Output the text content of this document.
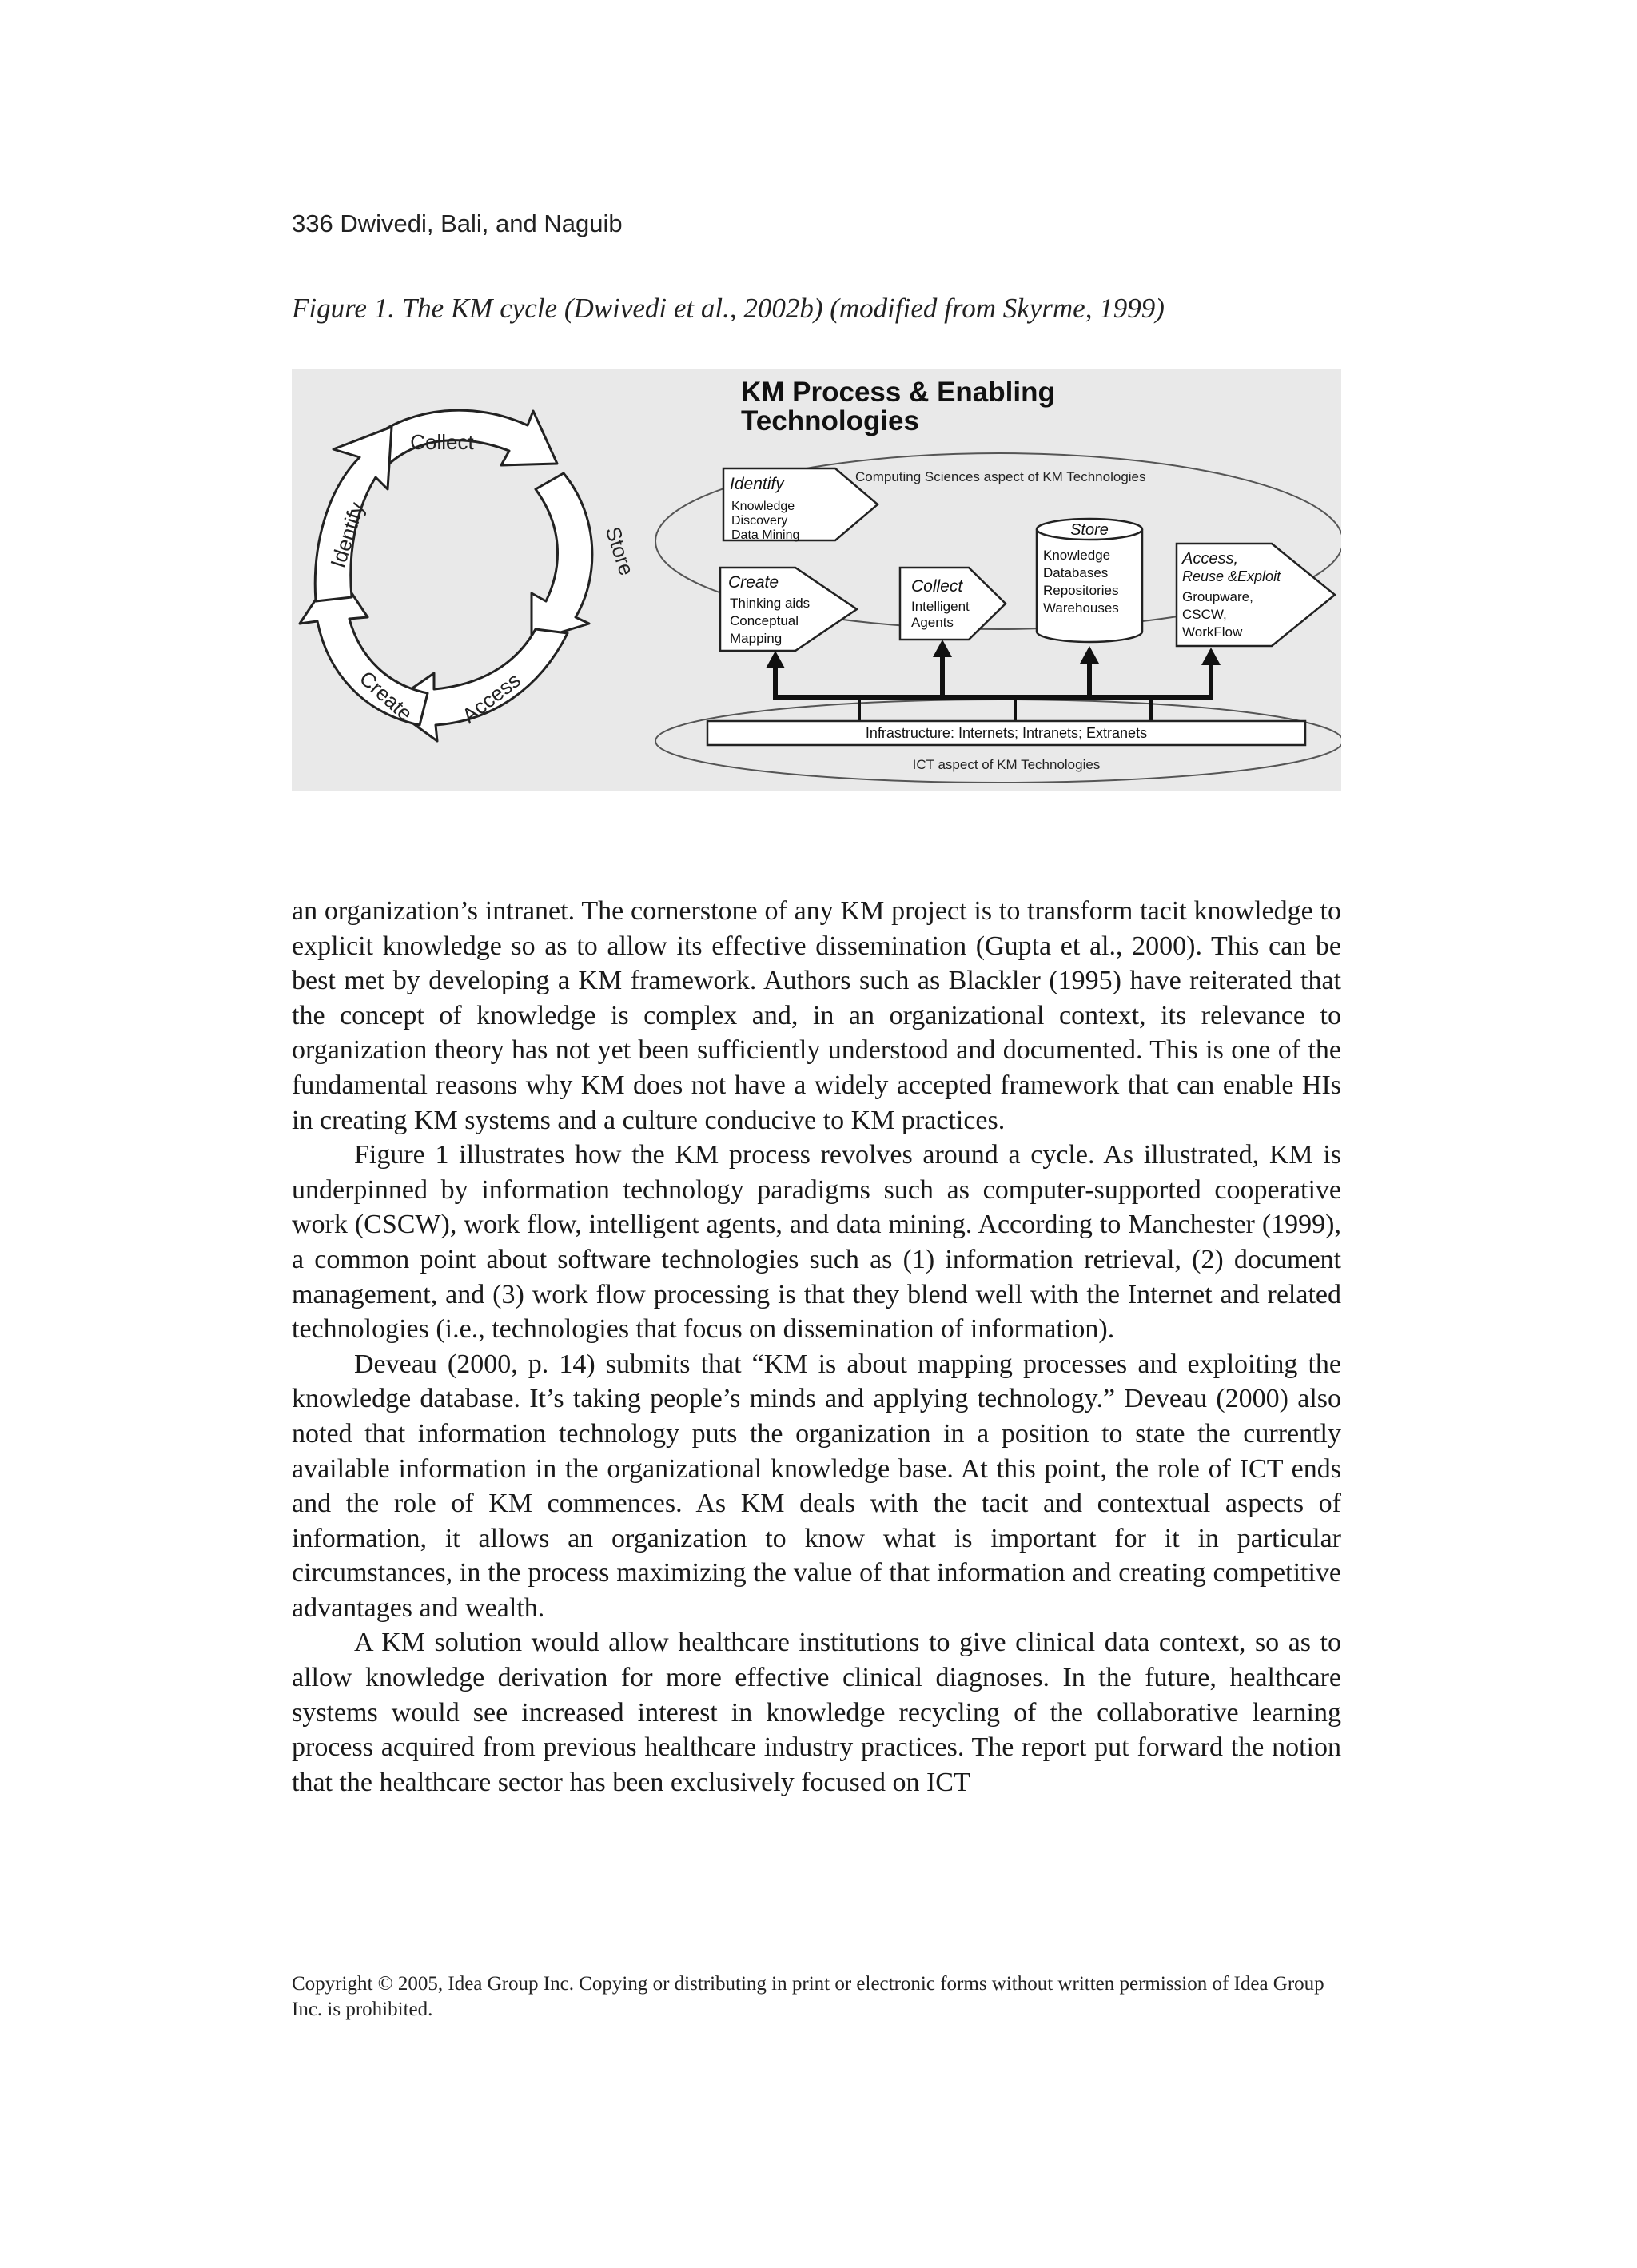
336 Dwivedi, Bali, and Naguib
Figure 1. The KM cycle (Dwivedi et al., 2002b) (modified from Skyrme, 1999)
Collect
Store
Access
Create
Identify
KM Process & Enabling
Technologies
Computing Sciences aspect of KM Technologies
Identify
Knowledge
Discovery
Data Mining
Create
Thinking aids
Conceptual
Mapping
Collect
Intelligent
Agents
Store
Knowledge
Databases
Repositories
Warehouses
Access,
Reuse &Exploit
Groupware,
CSCW,
WorkFlow
Infrastructure: Internets; Intranets; Extranets
ICT aspect of KM Technologies

an organization’s intranet. The cornerstone of any KM project is to transform tacit knowledge to explicit knowledge so as to allow its effective dissemination (Gupta et al., 2000). This can be best met by developing a KM framework. Authors such as Blackler (1995) have reiterated that the concept of knowledge is complex and, in an organizational context, its relevance to organization theory has not yet been sufficiently understood and documented. This is one of the fundamental reasons why KM does not have a widely accepted framework that can enable HIs in creating KM systems and a culture conducive to KM practices.

Figure 1 illustrates how the KM process revolves around a cycle. As illustrated, KM is underpinned by information technology paradigms such as computer-supported cooperative work (CSCW), work flow, intelligent agents, and data mining. According to Manchester (1999), a common point about software technologies such as (1) information retrieval, (2) document management, and (3) work flow processing is that they blend well with the Internet and related technologies (i.e., technologies that focus on dissemination of information).

Deveau (2000, p. 14) submits that “KM is about mapping processes and exploiting the knowledge database. It’s taking people’s minds and applying technology.” Deveau (2000) also noted that information technology puts the organization in a position to state the currently available information in the organizational knowledge base. At this point, the role of ICT ends and the role of KM commences. As KM deals with the tacit and contextual aspects of information, it allows an organization to know what is important for it in particular circumstances, in the process maximizing the value of that information and creating competitive advantages and wealth.

A KM solution would allow healthcare institutions to give clinical data context, so as to allow knowledge derivation for more effective clinical diagnoses. In the future, healthcare systems would see increased interest in knowledge recycling of the collaborative learning process acquired from previous healthcare industry practices. The report put forward the notion that the healthcare sector has been exclusively focused on ICT

Copyright © 2005, Idea Group Inc. Copying or distributing in print or electronic forms without written permission of Idea Group Inc. is prohibited.
